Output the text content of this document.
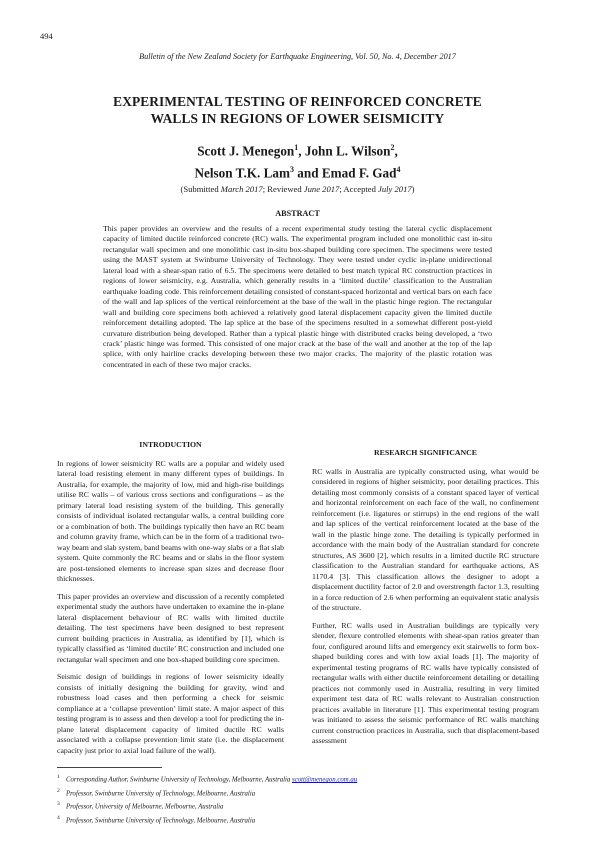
494
Bulletin of the New Zealand Society for Earthquake Engineering, Vol. 50, No. 4, December 2017
EXPERIMENTAL TESTING OF REINFORCED CONCRETE
WALLS IN REGIONS OF LOWER SEISMICITY
Scott J. Menegon$^1$, John L. Wilson$^2$,
Nelson T.K. Lam$^3$ and Emad F. Gad$^4$
(Submitted March 2017; Reviewed June 2017; Accepted July 2017)
ABSTRACT

This paper provides an overview and the results of a recent experimental study testing the lateral cyclic displacement capacity of limited ductile reinforced concrete (RC) walls. The experimental program included one monolithic cast in-situ rectangular wall specimen and one monolithic cast in-situ box-shaped building core specimen. The specimens were tested using the MAST system at Swinburne University of Technology. They were tested under cyclic in-plane unidirectional lateral load with a shear-span ratio of 6.5. The specimens were detailed to best match typical RC construction practices in regions of lower seismicity, e.g. Australia, which generally results in a ‘limited ductile’ classification to the Australian earthquake loading code. This reinforcement detailing consisted of constant-spaced horizontal and vertical bars on each face of the wall and lap splices of the vertical reinforcement at the base of the wall in the plastic hinge region. The rectangular wall and building core specimens both achieved a relatively good lateral displacement capacity given the limited ductile reinforcement detailing adopted. The lap splice at the base of the specimens resulted in a somewhat different post-yield curvature distribution being developed. Rather than a typical plastic hinge with distributed cracks being developed, a ‘two crack’ plastic hinge was formed. This consisted of one major crack at the base of the wall and another at the top of the lap splice, with only hairline cracks developing between these two major cracks. The majority of the plastic rotation was concentrated in each of these two major cracks.

INTRODUCTION

In regions of lower seismicity RC walls are a popular and widely used lateral load resisting element in many different types of buildings. In Australia, for example, the majority of low, mid and high-rise buildings utilise RC walls – of various cross sections and configurations – as the primary lateral load resisting system of the building. This generally consists of individual isolated rectangular walls, a central building core or a combination of both. The buildings typically then have an RC beam and column gravity frame, which can be in the form of a traditional two-way beam and slab system, band beams with one-way slabs or a flat slab system. Quite commonly the RC beams and or slabs in the floor system are post-tensioned elements to increase span sizes and decrease floor thicknesses.

This paper provides an overview and discussion of a recently completed experimental study the authors have undertaken to examine the in-plane lateral displacement behaviour of RC walls with limited ductile detailing. The test specimens have been designed to best represent current building practices in Australia, as identified by [1], which is typically classified as ‘limited ductile’ RC construction and included one rectangular wall specimen and one box-shaped building core specimen.

Seismic design of buildings in regions of lower seismicity ideally consists of initially designing the building for gravity, wind and robustness load cases and then performing a check for seismic compliance at a ‘collapse prevention’ limit state. A major aspect of this testing program is to assess and then develop a tool for predicting the in-plane lateral displacement capacity of limited ductile RC walls associated with a collapse prevention limit state (i.e. the displacement capacity just prior to axial load failure of the wall).

RESEARCH SIGNIFICANCE

RC walls in Australia are typically constructed using, what would be considered in regions of higher seismicity, poor detailing practices. This detailing most commonly consists of a constant spaced layer of vertical and horizontal reinforcement on each face of the wall, no confinement reinforcement (i.e. ligatures or stirrups) in the end regions of the wall and lap splices of the vertical reinforcement located at the base of the wall in the plastic hinge zone. The detailing is typically performed in accordance with the main body of the Australian standard for concrete structures, AS 3600 [2], which results in a limited ductile RC structure classification to the Australian standard for earthquake actions, AS 1170.4 [3]. This classification allows the designer to adopt a displacement ductility factor of 2.0 and overstrength factor 1.3, resulting in a force reduction of 2.6 when performing an equivalent static analysis of the structure.

Further, RC walls used in Australian buildings are typically very slender, flexure controlled elements with shear-span ratios greater than four, configured around lifts and emergency exit stairwells to form box-shaped building cores and with low axial loads [1]. The majority of experimental testing programs of RC walls have typically consisted of rectangular walls with either ductile reinforcement detailing or detailing practices not commonly used in Australia, resulting in very limited experiment test data of RC walls relevant to Australian construction practices available in literature [1]. This experimental testing program was initiated to assess the seismic performance of RC walls matching current construction practices in Australia, such that displacement-based assessment

$^1$ Corresponding Author, Swinburne University of Technology, Melbourne, Australia scott@menegon.com.au
$^2$ Professor, Swinburne University of Technology, Melbourne, Australia
$^3$ Professor, University of Melbourne, Melbourne, Australia
$^4$ Professor, Swinburne University of Technology, Melbourne, Australia
